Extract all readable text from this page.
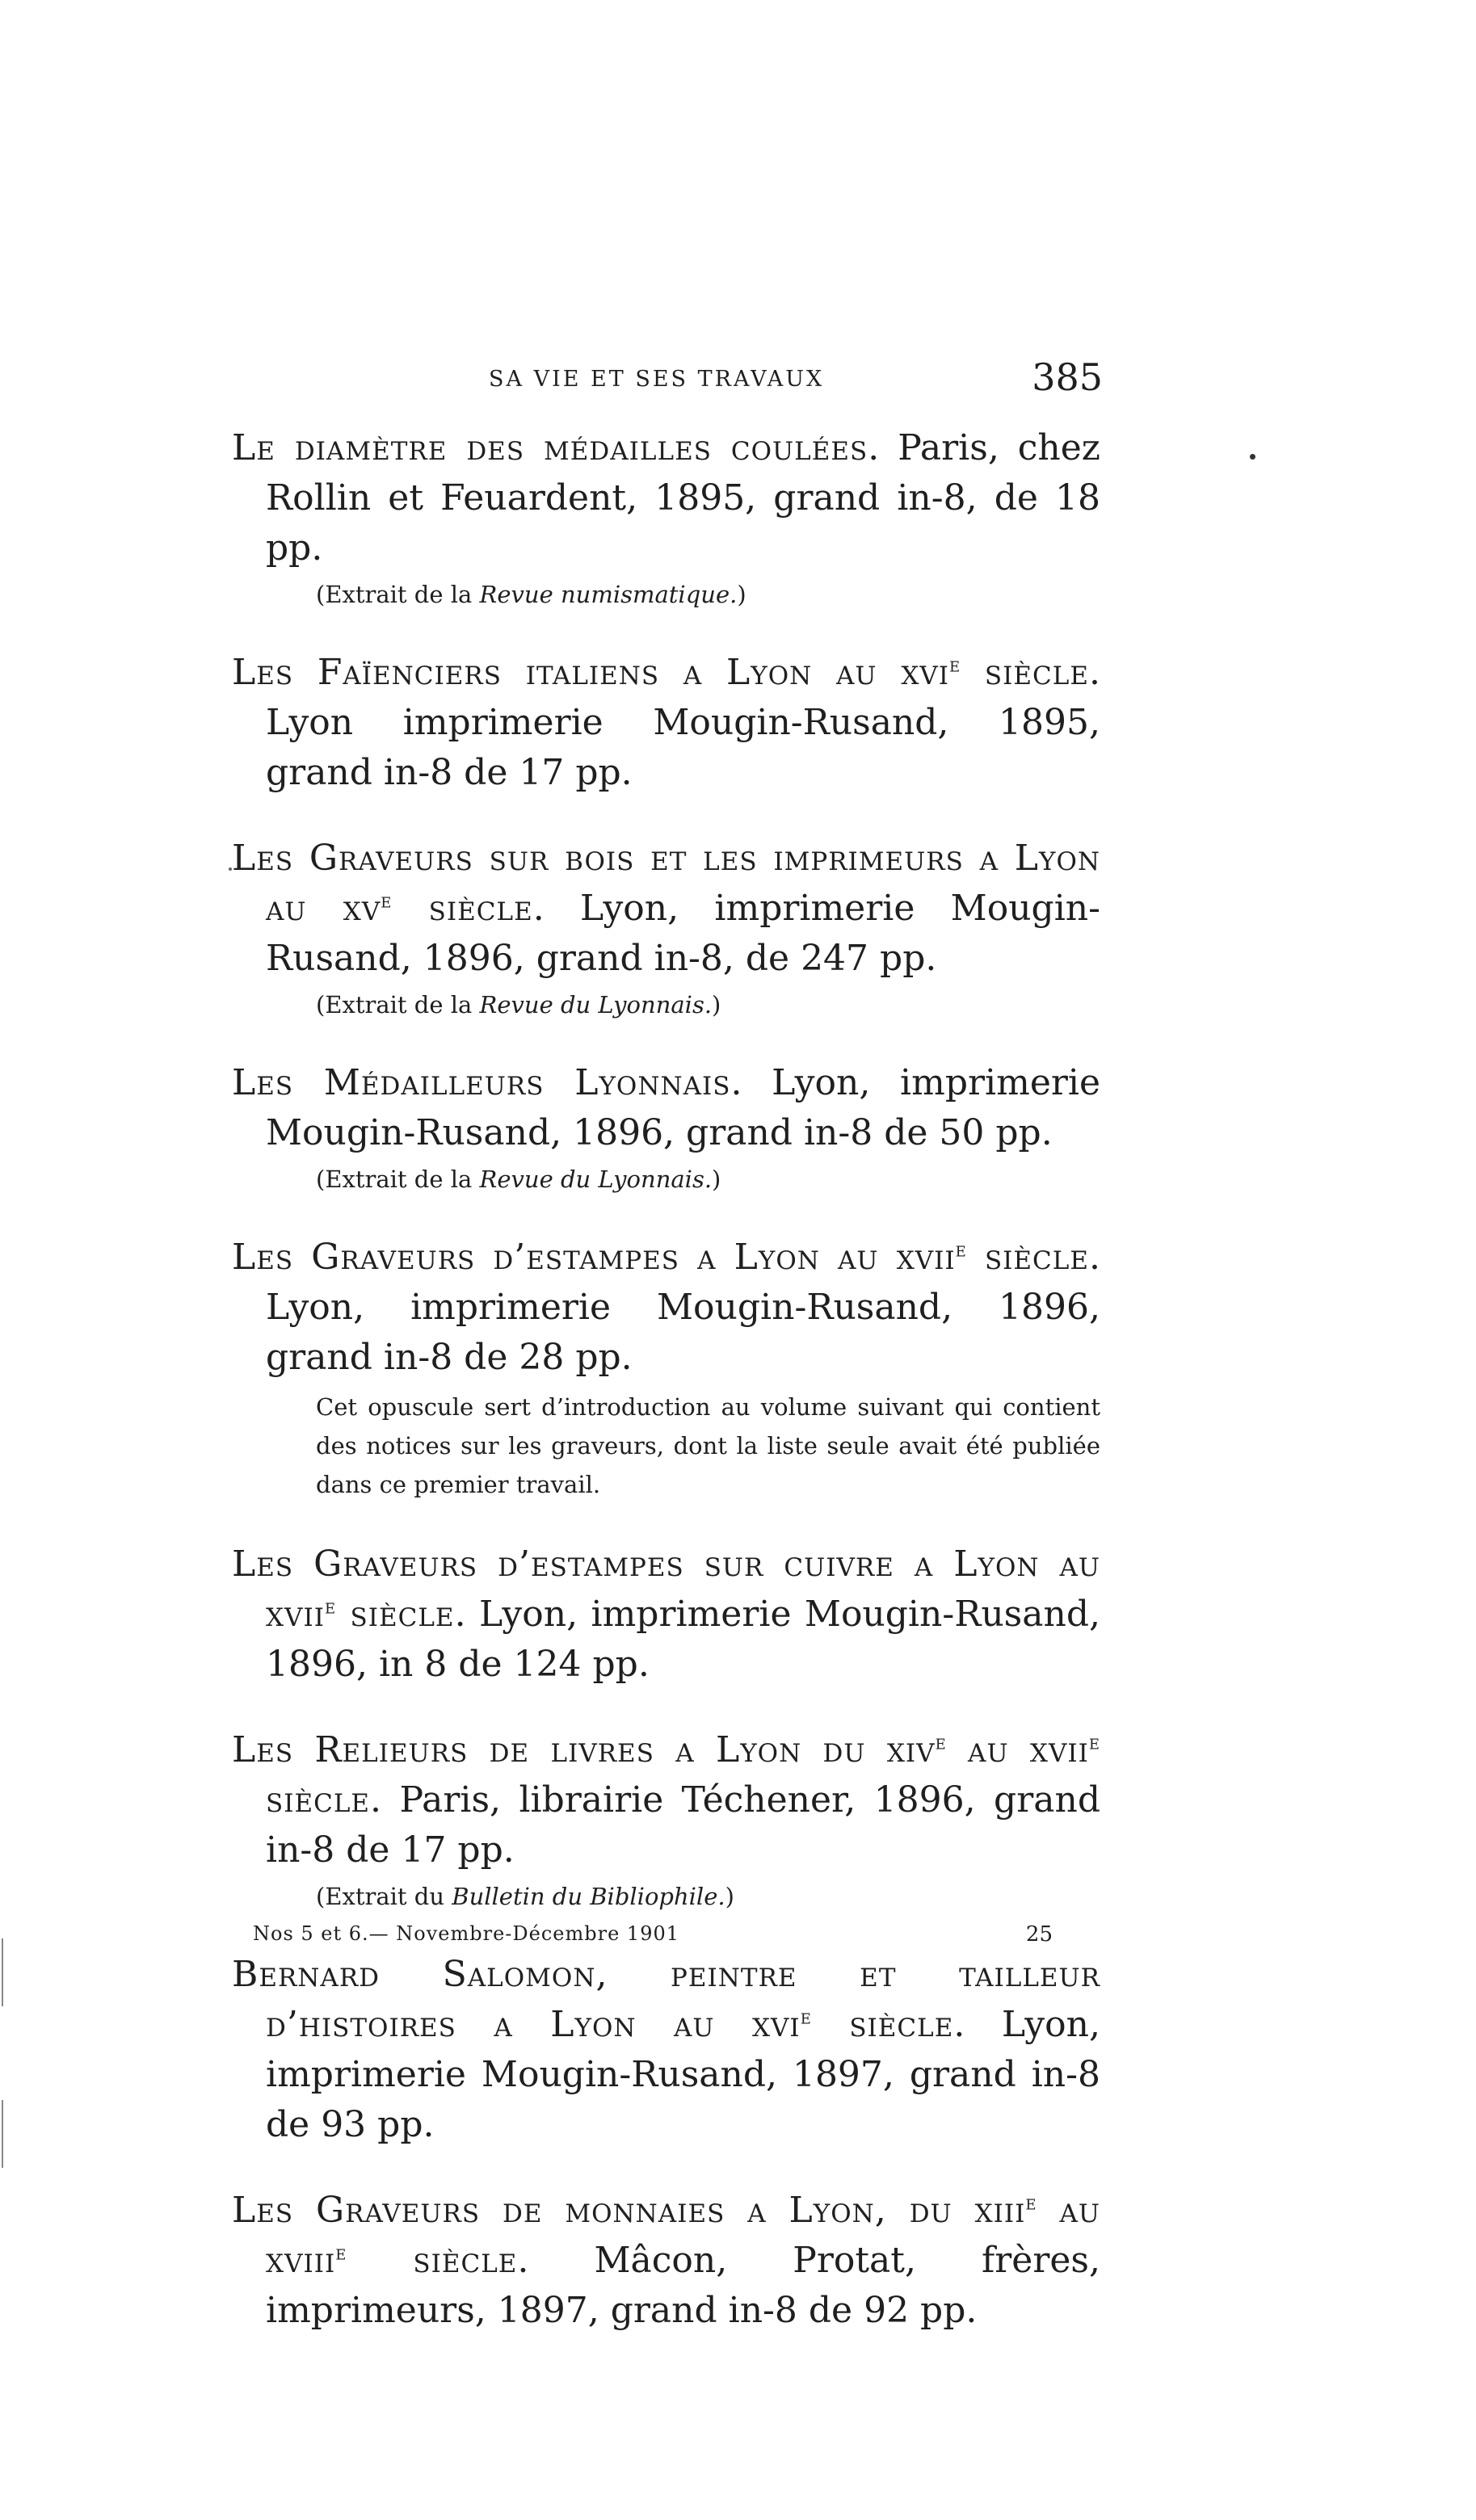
SA VIE ET SES TRAVAUX	385
Le diamètre des médailles coulées. Paris, chez Rollin et Feuardent, 1895, grand in-8, de 18 pp.
(Extrait de la Revue numismatique.)
Les Faïenciers italiens a Lyon au xvi$^e$ siècle. Lyon imprimerie Mougin-Rusand, 1895, grand in-8 de 17 pp.
Les Graveurs sur bois et les imprimeurs a Lyon au $xv^e$ siècle. Lyon, imprimerie Mougin-Rusand, 1896, grand in-8, de 247 pp.
(Extrait de la Revue du Lyonnais.)
Les Médailleurs Lyonnais. Lyon, imprimerie Mougin-Rusand, 1896, grand in-8 de 50 pp.
(Extrait de la Revue du Lyonnais.)
Les Graveurs d’estampes a Lyon au xvii$^e$ siècle. Lyon, imprimerie Mougin-Rusand, 1896, grand in-8 de 28 pp.
Cet opuscule sert d’introduction au volume suivant qui contient des notices sur les graveurs, dont la liste seule avait été publiée dans ce premier travail.
Les Graveurs d’estampes sur cuivre a Lyon au xvii$^e$ siècle. Lyon, imprimerie Mougin-Rusand, 1896, in 8 de 124 pp.
Les Relieurs de livres a Lyon du xiv$^e$ au xvii$^e$ siècle. Paris, librairie Téchener, 1896, grand in-8 de 17 pp.
(Extrait du Bulletin du Bibliophile.)
Bernard Salomon, peintre et tailleur d’histoires a Lyon au xvi$^e$ siècle. Lyon, imprimerie Mougin-Rusand, 1897, grand in-8 de 93 pp.
Les Graveurs de monnaies a Lyon, du xiii$^e$ au xviii$^e$ siècle. Mâcon, Protat, frères, imprimeurs, 1897, grand in-8 de 92 pp.
Nos 5 et 6.— Novembre-Décembre 1901	25
